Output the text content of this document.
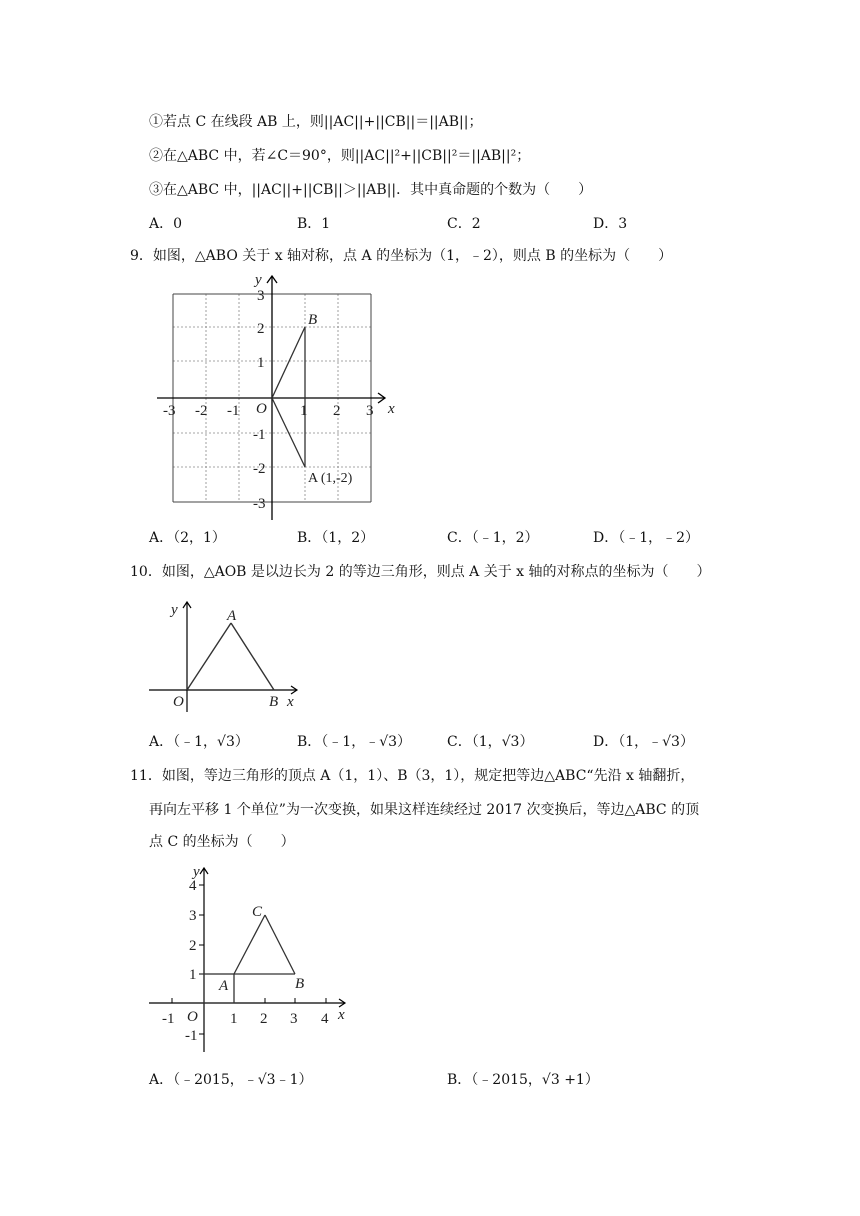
①若点 C 在线段 AB 上，则||AC||+||CB||＝||AB||；
②在△ABC 中，若∠C＝90°，则||AC||²+||CB||²＝||AB||²；
③在△ABC 中，||AC||+||CB||＞||AB||．其中真命题的个数为（　　）
A．0	B．1	C．2	D．3
9．如图，△ABO 关于 x 轴对称，点 A 的坐标为（1，﹣2），则点 B 的坐标为（　　）
-3 -2 -1	1 2 3
3
2
1
-1
-2
-3
O	x
y
B
A (1,-2)
A．（2，1）	B．（1，2）	C．（﹣1，2）	D．（﹣1，﹣2）
10．如图，△AOB 是以边长为 2 的等边三角形，则点 A 关于 x 轴的对称点的坐标为（　　）
y	A
O	B x
A．（﹣1，√3）	B．（﹣1，﹣√3）	C．（1，√3）	D．（1，﹣√3）
11．如图，等边三角形的顶点 A（1，1）、B（3，1），规定把等边△ABC“先沿 x 轴翻折，
再向左平移 1 个单位”为一次变换，如果这样连续经过 2017 次变换后，等边△ABC 的顶
点 C 的坐标为（　　）
4
3
2
1
-1
-1	1 2 3 4
O	x
y
A	B
C
A．（﹣2015，﹣√3﹣1）	B．（﹣2015，√3 +1）
